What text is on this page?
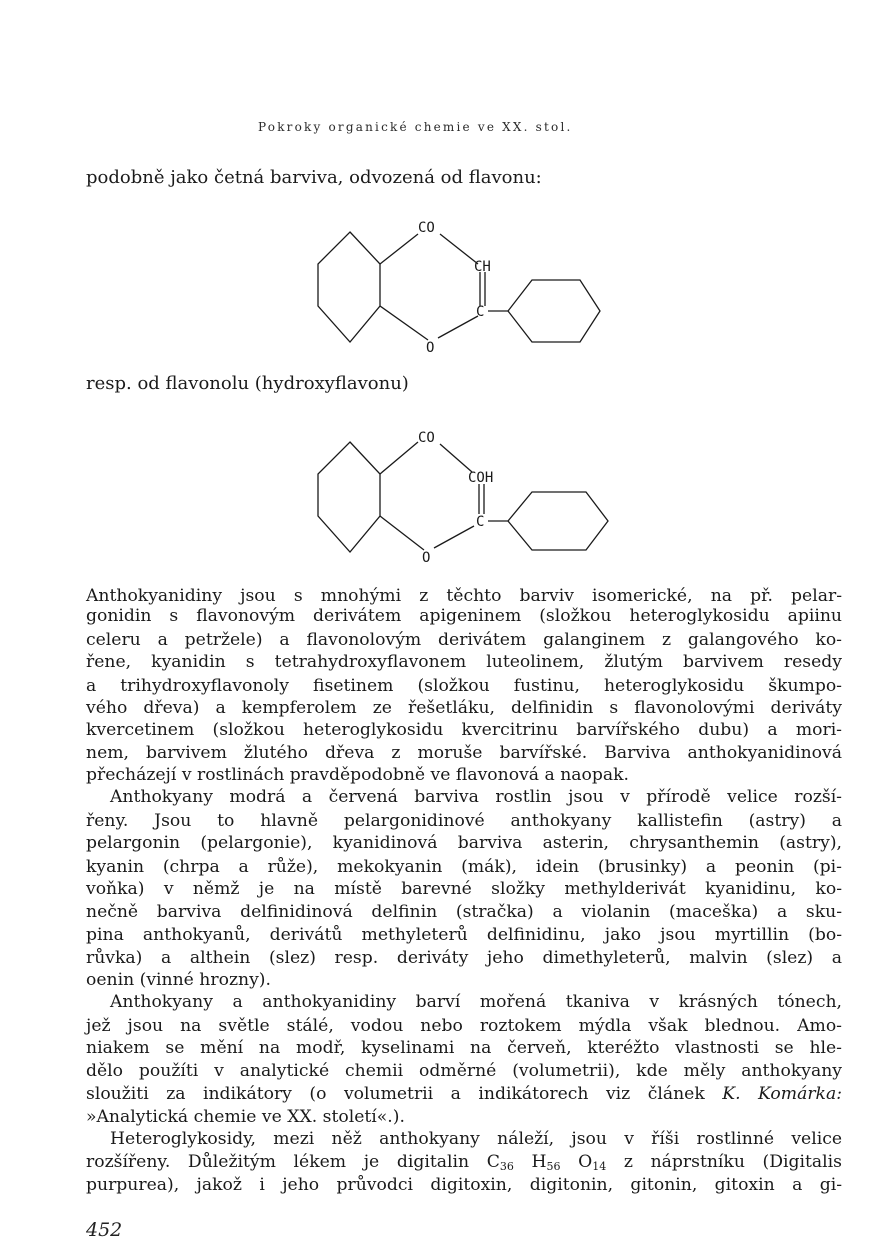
Pokroky organické chemie ve XX. stol.
podobně jako četná barviva, odvozená od flavonu:
CO
CH
C
O
resp. od flavonolu (hydroxyflavonu)
CO
COH
C
O
Anthokyanidiny jsou s mnohými z těchto barviv isomerické, na př. pelar-
gonidin s flavonovým derivátem apigeninem (složkou heteroglykosidu apiinu
celeru a petržele) a flavonolovým derivátem galanginem z galangového ko-
řene, kyanidin s tetrahydroxyflavonem luteolinem, žlutým barvivem resedy
a trihydroxyflavonoly fisetinem (složkou fustinu, heteroglykosidu škumpo-
vého dřeva) a kempferolem ze řešetláku, delfinidin s flavonolovými deriváty
kvercetinem (složkou heteroglykosidu kvercitrinu barvířského dubu) a mori-
nem, barvivem žlutého dřeva z moruše barvířské. Barviva anthokyanidinová
přecházejí v rostlinách pravděpodobně ve flavonová a naopak.
Anthokyany modrá a červená barviva rostlin jsou v přírodě velice rozší-
řeny. Jsou to hlavně pelargonidinové anthokyany kallistefin (astry) a
pelargonin (pelargonie), kyanidinová barviva asterin, chrysanthemin (astry),
kyanin (chrpa a růže), mekokyanin (mák), idein (brusinky) a peonin (pi-
voňka) v němž je na místě barevné složky methylderivát kyanidinu, ko-
nečně barviva delfinidinová delfinin (stračka) a violanin (maceška) a sku-
pina anthokyanů, derivátů methyleterů delfinidinu, jako jsou myrtillin (bo-
růvka) a althein (slez) resp. deriváty jeho dimethyleterů, malvin (slez) a
oenin (vinné hrozny).
Anthokyany a anthokyanidiny barví mořená tkaniva v krásných tónech,
jež jsou na světle stálé, vodou nebo roztokem mýdla však blednou. Amo-
niakem se mění na modř, kyselinami na červeň, kteréžto vlastnosti se hle-
dělo použíti v analytické chemii odměrné (volumetrii), kde měly anthokyany
sloužiti za indikátory (o volumetrii a indikátorech viz článek K. Komárka:
»Analytická chemie ve XX. století«.).
Heteroglykosidy, mezi něž anthokyany náleží, jsou v říši rostlinné velice
rozšířeny. Důležitým lékem je digitalin $C_{36}$ $H_{56}$ $O_{14}$ z náprstníku (Digitalis
purpurea), jakož i jeho průvodci digitoxin, digitonin, gitonin, gitoxin a gi-
452
